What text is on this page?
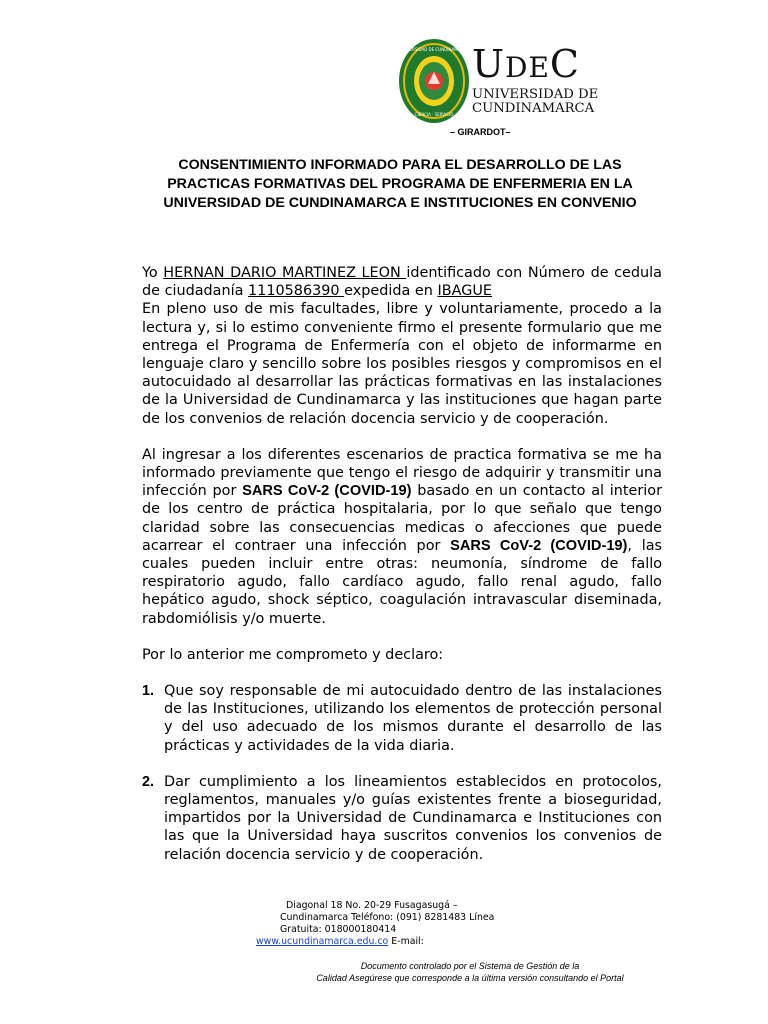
UNIVERSIDAD DE CUNDINAMARCA
CIENCIA · SERVICIO
UDEC
UNIVERSIDAD DE
CUNDINAMARCA
– GIRARDOT–
CONSENTIMIENTO INFORMADO PARA EL DESARROLLO DE LAS PRACTICAS FORMATIVAS DEL PROGRAMA DE ENFERMERIA EN LA UNIVERSIDAD DE CUNDINAMARCA E INSTITUCIONES EN CONVENIO

Yo HERNAN DARIO MARTINEZ LEON identificado con Número de cedula de ciudadanía 1110586390 expedida en IBAGUE

En pleno uso de mis facultades, libre y voluntariamente, procedo a la lectura y, si lo estimo conveniente firmo el presente formulario que me entrega el Programa de Enfermería con el objeto de informarme en lenguaje claro y sencillo sobre los posibles riesgos y compromisos en el autocuidado al desarrollar las prácticas formativas en las instalaciones de la Universidad de Cundinamarca y las instituciones que hagan parte de los convenios de relación docencia servicio y de cooperación.

Al ingresar a los diferentes escenarios de practica formativa se me ha informado previamente que tengo el riesgo de adquirir y transmitir una infección por SARS CoV-2 (COVID-19) basado en un contacto al interior de los centro de práctica hospitalaria, por lo que señalo que tengo claridad sobre las consecuencias medicas o afecciones que puede acarrear el contraer una infección por SARS CoV-2 (COVID-19), las cuales pueden incluir entre otras: neumonía, síndrome de fallo respiratorio agudo, fallo cardíaco agudo, fallo renal agudo, fallo hepático agudo, shock séptico, coagulación intravascular diseminada, rabdomiólisis y/o muerte.

Por lo anterior me comprometo y declaro:

1. Que soy responsable de mi autocuidado dentro de las instalaciones de las Instituciones, utilizando los elementos de protección personal y del uso adecuado de los mismos durante el desarrollo de las prácticas y actividades de la vida diaria.
2. Dar cumplimiento a los lineamientos establecidos en protocolos, reglamentos, manuales y/o guías existentes frente a bioseguridad, impartidos por la Universidad de Cundinamarca e Instituciones con las que la Universidad haya suscritos convenios los convenios de relación docencia servicio y de cooperación.
Diagonal 18 No. 20-29 Fusagasugá –
Cundinamarca Teléfono: (091) 8281483 Línea
Gratuita: 018000180414
www.ucundinamarca.edu.co E-mail:
Documento controlado por el Sistema de Gestión de la
Calidad Asegúrese que corresponde a la última versión consultando el Portal
